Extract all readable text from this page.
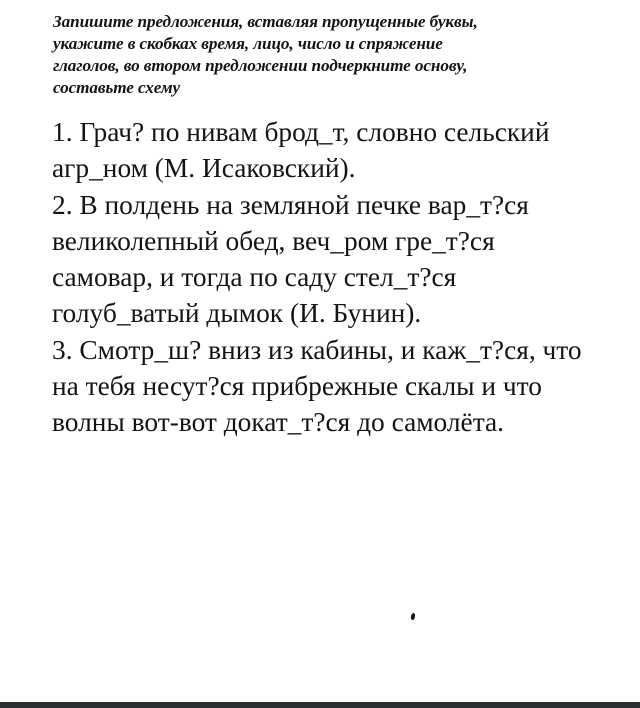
Запишите предложения, вставляя пропущенные буквы,
укажите в скобках время, лицо, число и спряжение
глаголов, во втором предложении подчеркните основу,
составьте схему
1. Грач? по нивам брод_т, словно сельский
агр_ном (М. Исаковский).
2. В полдень на земляной печке вар_т?ся
великолепный обед, веч_ром гре_т?ся
самовар, и тогда по саду стел_т?ся
голуб_ватый дымок (И. Бунин).
3. Смотр_ш? вниз из кабины, и каж_т?ся, что
на тебя несут?ся прибрежные скалы и что
волны вот-вот докат_т?ся до самолёта.
